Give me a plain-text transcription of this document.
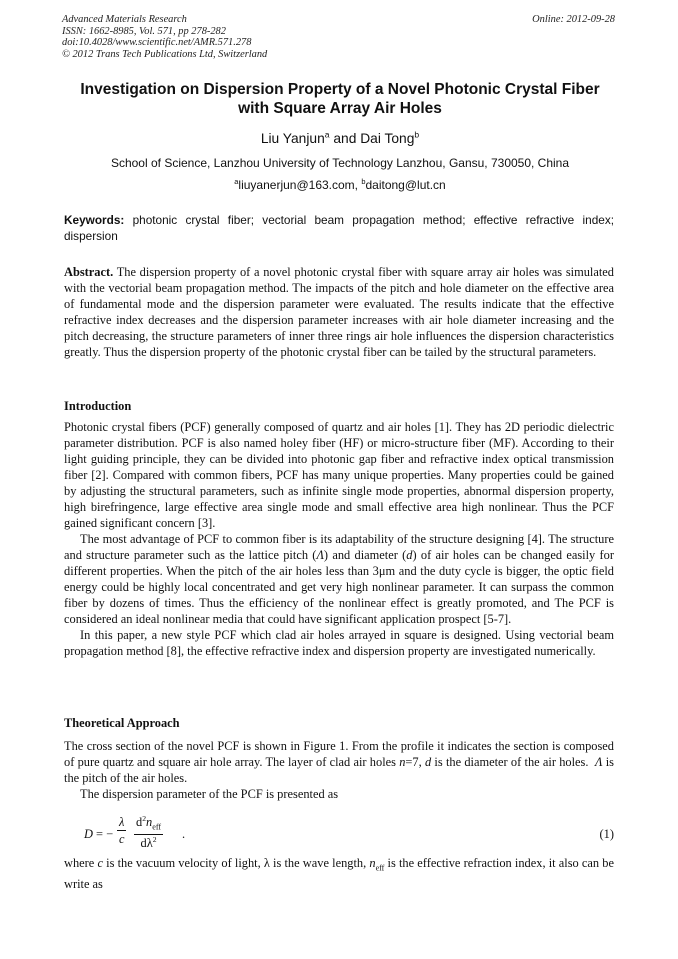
Advanced Materials Research
ISSN: 1662-8985, Vol. 571, pp 278-282
doi:10.4028/www.scientific.net/AMR.571.278
© 2012 Trans Tech Publications Ltd, Switzerland
Online: 2012-09-28
Investigation on Dispersion Property of a Novel Photonic Crystal Fiber
with Square Array Air Holes
Liu Yanjun$^a$ and Dai Tong$^b$
School of Science, Lanzhou University of Technology Lanzhou, Gansu, 730050, China
$^a$liuyanerjun@163.com, $^b$daitong@lut.cn
Keywords: photonic crystal fiber; vectorial beam propagation method; effective refractive index; dispersion
Abstract. The dispersion property of a novel photonic crystal fiber with square array air holes was simulated with the vectorial beam propagation method. The impacts of the pitch and hole diameter on the effective area of fundamental mode and the dispersion parameter were evaluated. The results indicate that the effective refractive index decreases and the dispersion parameter increases with air hole diameter increasing and the pitch decreasing, the structure parameters of inner three rings air hole influences the dispersion characteristics greatly. Thus the dispersion property of the photonic crystal fiber can be tailed by the structural parameters.
Introduction

Photonic crystal fibers (PCF) generally composed of quartz and air holes [1]. They has 2D periodic dielectric parameter distribution. PCF is also named holey fiber (HF) or micro-structure fiber (MF). According to their light guiding principle, they can be divided into photonic gap fiber and refractive index optical transmission fiber [2]. Compared with common fibers, PCF has many unique properties. Many properties could be gained by adjusting the structural parameters, such as infinite single mode properties, abnormal dispersion property, high birefringence, large effective area single mode and small effective area high nonlinear. Thus the PCF gained significant concern [3].

The most advantage of PCF to common fiber is its adaptability of the structure designing [4]. The structure and structure parameter such as the lattice pitch (Λ) and diameter (d) of air holes can be changed easily for different properties. When the pitch of the air holes less than 3μm and the duty cycle is bigger, the optic field energy could be highly local concentrated and get very high nonlinear parameter. It can surpass the common fiber by dozens of times. Thus the efficiency of the nonlinear effect is greatly promoted, and The PCF is considered an ideal nonlinear media that could have significant application prospect [5-7].

In this paper, a new style PCF which clad air holes arrayed in square is designed. Using vectorial beam propagation method [8], the effective refractive index and dispersion property are investigated numerically.

Theoretical Approach

The cross section of the novel PCF is shown in Figure 1. From the profile it indicates the section is composed of pure quartz and square air hole array. The layer of clad air holes n=7, d is the diameter of the air holes.  Λ is the pitch of the air holes.

The dispersion parameter of the PCF is presented as

D = − $\frac{\lambda}{c} d^2n_{eff}$
$d\lambda^2$	.	(1)
where c is the vacuum velocity of light, λ is the wave length, $n_{eff}$ is the effective refraction index, it also can be write as
